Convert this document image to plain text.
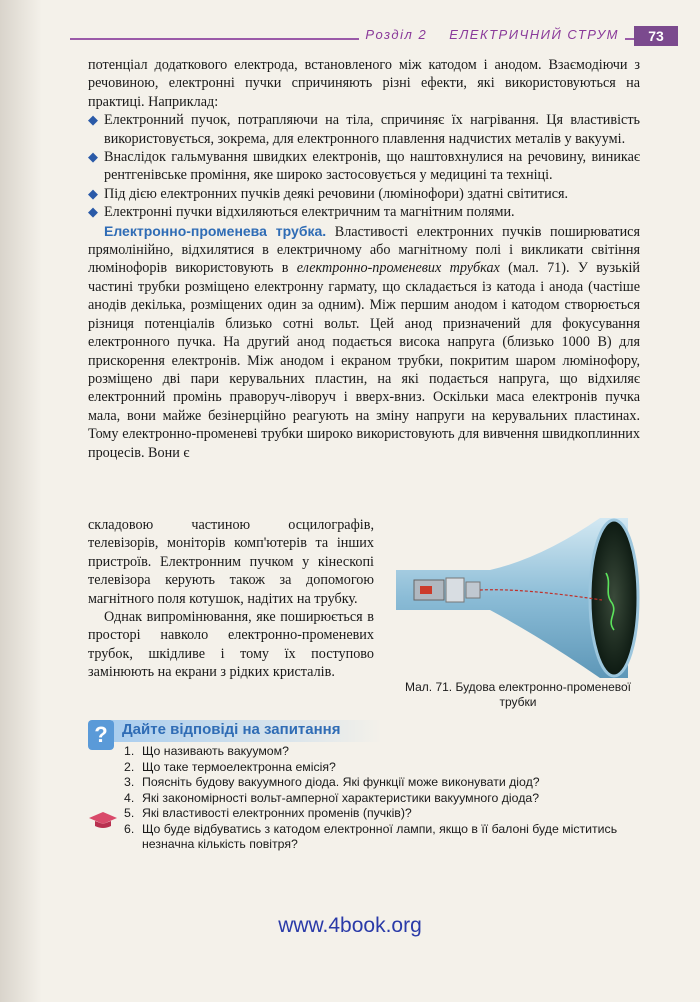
Розділ 2 ЕЛЕКТРИЧНИЙ СТРУМ	73

потенціал додаткового електрода, встановленого між катодом і анодом. Взаємодіючи з речовиною, електронні пучки спричиняють різні ефекти, які використовуються на практиці. Наприклад:

◆ Електронний пучок, потрапляючи на тіла, спричиняє їх нагрівання. Ця властивість використовується, зокрема, для електронного плавлення надчистих металів у вакуумі.

◆ Внаслідок гальмування швидких електронів, що наштовхнулися на речовину, виникає рентгенівське проміння, яке широко застосовується у медицині та техніці.

◆ Під дією електронних пучків деякі речовини (люмінофори) здатні світитися.

◆ Електронні пучки відхиляються електричним та магнітним полями.

Електронно-променева трубка. Властивості електронних пучків поширюватися прямолінійно, відхилятися в електричному або магнітному полі і викликати світіння люмінофорів використовують в електронно-променевих трубках (мал. 71). У вузькій частині трубки розміщено електронну гармату, що складається із катода і анода (частіше анодів декілька, розміщених один за одним). Між першим анодом і катодом створюється різниця потенціалів близько сотні вольт. Цей анод призначений для фокусування електронного пучка. На другий анод подається висока напруга (близько 1000 В) для прискорення електронів. Між анодом і екраном трубки, покритим шаром люмінофору, розміщено дві пари керувальних пластин, на які подається напруга, що відхиляє електронний промінь праворуч-ліворуч і вверх-вниз. Оскільки маса електронів пучка мала, вони майже безінерційно реагують на зміну напруги на керувальних пластинах. Тому електронно-променеві трубки широко використовують для вивчення швидкоплинних процесів. Вони є

складовою частиною осцилографів, телевізорів, моніторів комп'ютерів та інших пристроїв. Електронним пучком у кінескопі телевізора керують також за допомогою магнітного поля котушок, надітих на трубку.

Однак випромінювання, яке поширюється в просторі навколо електронно-променевих трубок, шкідливе і тому їх поступово замінюють на екрани з рідких кристалів.

Мал. 71. Будова електронно-променевої трубки
? Дайте відповіді на запитання
1. Що називають вакуумом?
2. Що таке термоелектронна емісія?
3. Поясніть будову вакуумного діода. Які функції може виконувати діод?
4. Які закономірності вольт-амперної характеристики вакуумного діода?
5. Які властивості електронних променів (пучків)?
6. Що буде відбуватись з катодом електронної лампи, якщо в її балоні буде міститись незначна кількість повітря?
www.4book.org
